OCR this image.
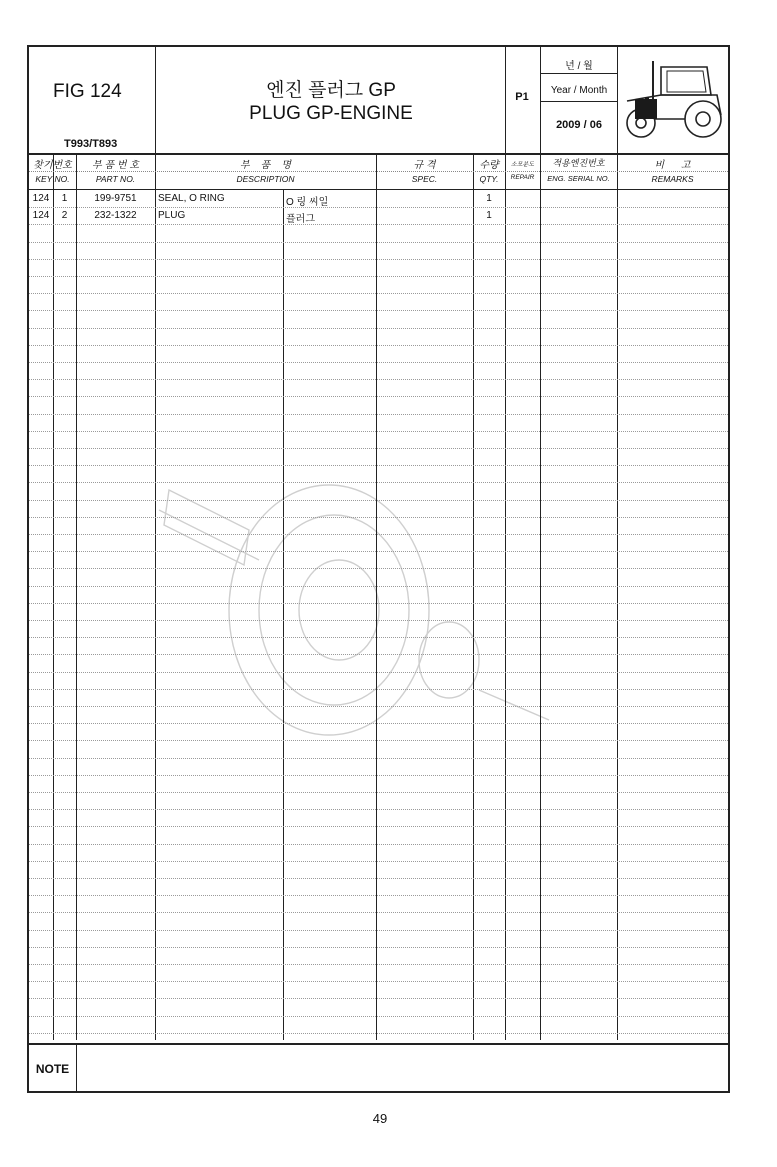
FIG 124
T993/T893
엔진 플러그 GP
PLUG GP-ENGINE
P1
년 / 월
Year / Month
2009 / 06
찾기번호
KEY NO.
부 품 번 호
PART NO.
부    품    명
DESCRIPTION
규 격
SPEC.
수량
QTY.
소모분도
REPAIR
적용엔진번호
ENG. SERIAL NO.
비      고
REMARKS
124	1	199-9751	SEAL, O RING	O 링 씨일	1
124	2	232-1322	PLUG	플러그	1
NOTE
49
